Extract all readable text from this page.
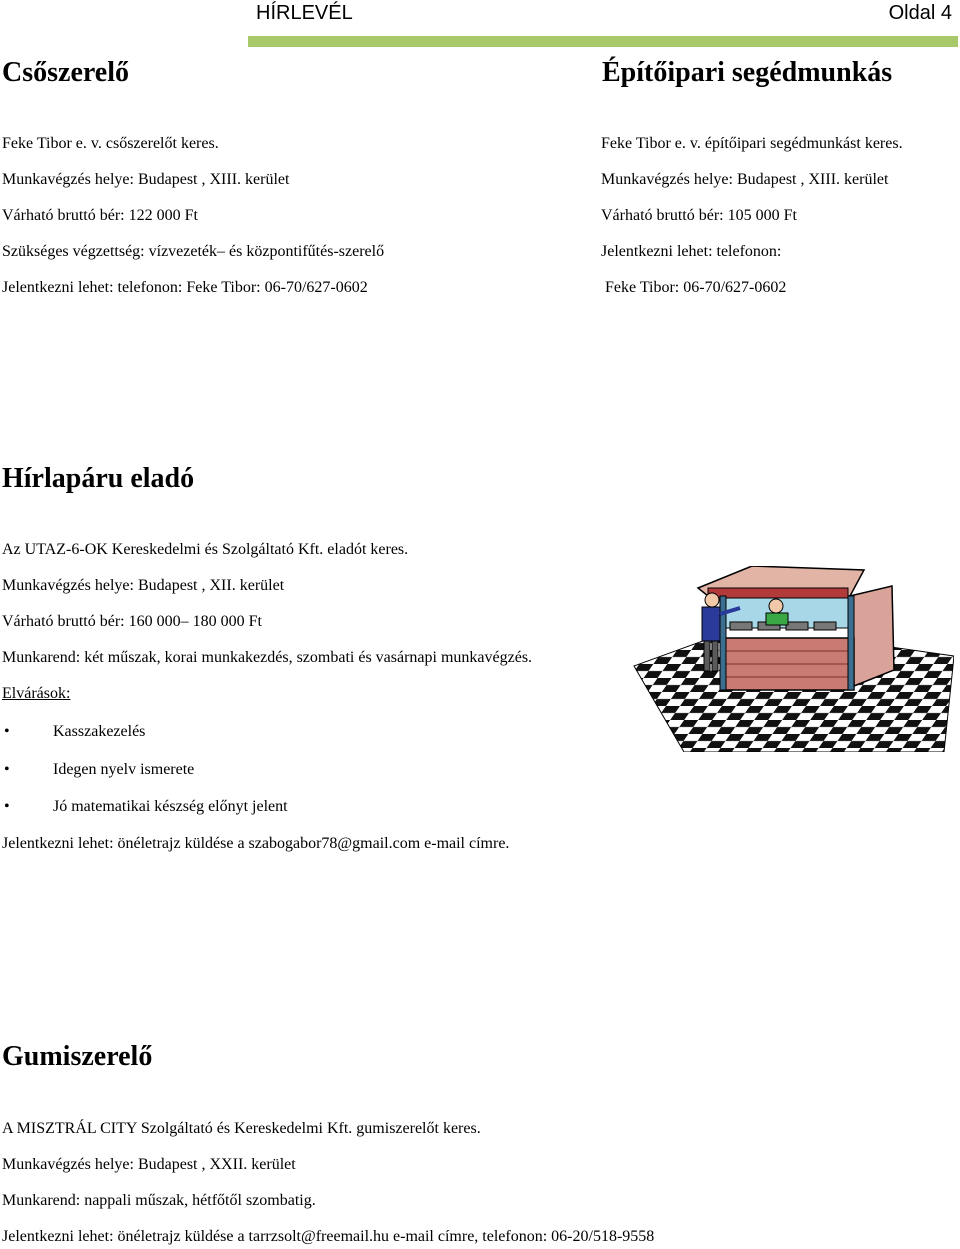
HÍRLEVÉL	Oldal 4
Csőszerelő
Feke Tibor e. v. csőszerelőt keres.
Munkavégzés helye: Budapest , XIII. kerület
Várható bruttó bér: 122 000 Ft
Szükséges végzettség: vízvezeték– és központifűtés-szerelő
Jelentkezni lehet: telefonon: Feke Tibor: 06-70/627-0602
Építőipari segédmunkás
Feke Tibor e. v. építőipari segédmunkást keres.
Munkavégzés helye: Budapest , XIII. kerület
Várható bruttó bér: 105 000 Ft
Jelentkezni lehet: telefonon:
Feke Tibor: 06-70/627-0602
Hírlapáru eladó
Az UTAZ-6-OK Kereskedelmi és Szolgáltató Kft. eladót keres.
Munkavégzés helye: Budapest , XII. kerület
Várható bruttó bér: 160 000– 180 000 Ft
Munkarend: két műszak, korai munkakezdés, szombati és vasárnapi munkavégzés.
Elvárások:
•	Kasszakezelés
•	Idegen nyelv ismerete
•	Jó matematikai készség előnyt jelent
Jelentkezni lehet: önéletrajz küldése a szabogabor78@gmail.com e-mail címre.
Gumiszerelő
A MISZTRÁL CITY Szolgáltató és Kereskedelmi Kft. gumiszerelőt keres.
Munkavégzés helye: Budapest , XXII. kerület
Munkarend: nappali műszak, hétfőtől szombatig.
Jelentkezni lehet: önéletrajz küldése a tarrzsolt@freemail.hu e-mail címre, telefonon: 06-20/518-9558
